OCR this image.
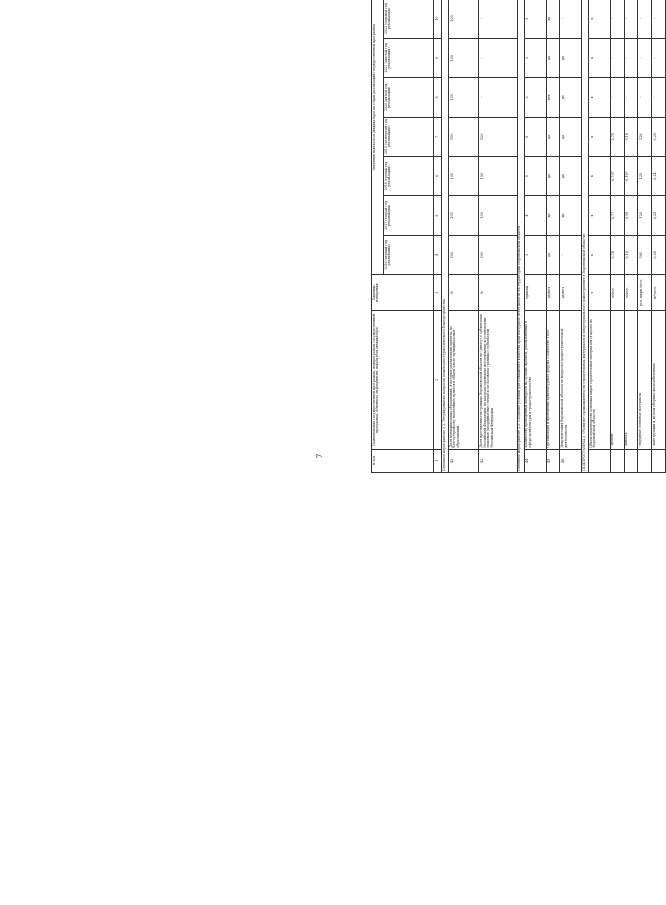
7
№ п/п	Наименование государственной программы, подпрограммы государственной программы, основного мероприятия, показателя (индикатора)	Единица измерения	Значения показателя (индикатора) по годам реализации государственной программы	
			2016 (первый год реализации)	2017 (второй год реализации)	2018 (третий год реализации)	2019 (четвертый год реализации)	2020 (пятый год реализации)	2021 (шестой год реализации)	2022 (седьмой год реализации)						
1	2	3	4	5	6	7	8	9	10						
Основное мероприятие 2.2. Регулирование вопросов пешеходно-туристического благоустройства															
42	Доля муниципальных образований, в которых реализованы проекты по благоустройству населенных пунктов в общем числе муниципальных образований	%	100	100	100	100	100	100	100						
43	Доля протяженности границы Воронежской области по (охвату) с субъектами Российской Федерации, по которым проведено исследование и установлены межевые (координатные) точки и согласованы границы с субъектами Российской Федерации	%	100	100	100	100	-	-	-						
Основное мероприятие 2.3. Создание условий для повышения качества архитектурной деятельности на территории Воронежской области															
44	Количество проведенных конкурсов на лучшие проекты, реализованные в сфере архитектуры и градостроительства	единиц	3	4	5	6	3	3	3						
45	Организация и проведение архитектурного форума «Зодчество VRN»	да/нет	да	да	да	да	нет	да	да						
46	Документация Воронежской области по вопросам градостроительной деятельности	да/нет	-	да	да	да	да	да	-						
ПОДПРОГРАММА 3 «Развитие промышленности строительных материалов и индустриального домостроения в Воронежской области»															
	Объем производства основных видов строительных материалов (в целом по Воронежской области)	т	х	х	х	х	х	х	х						
	- цемент	т/чел.	0,74	0,77	0,797	0,75	-	-	-						
	- известь	т/чел.	0,18	0,18	0,187	0,18	-	-	-						
	- нерудные стеновые материалы	усл. кирп./чел.	160	126	125	128	-	-	-						
	- конструкции и детали сборные железобетонные	м³/чел.	0,26	0,25	0,24	0,25	-	-	-						
